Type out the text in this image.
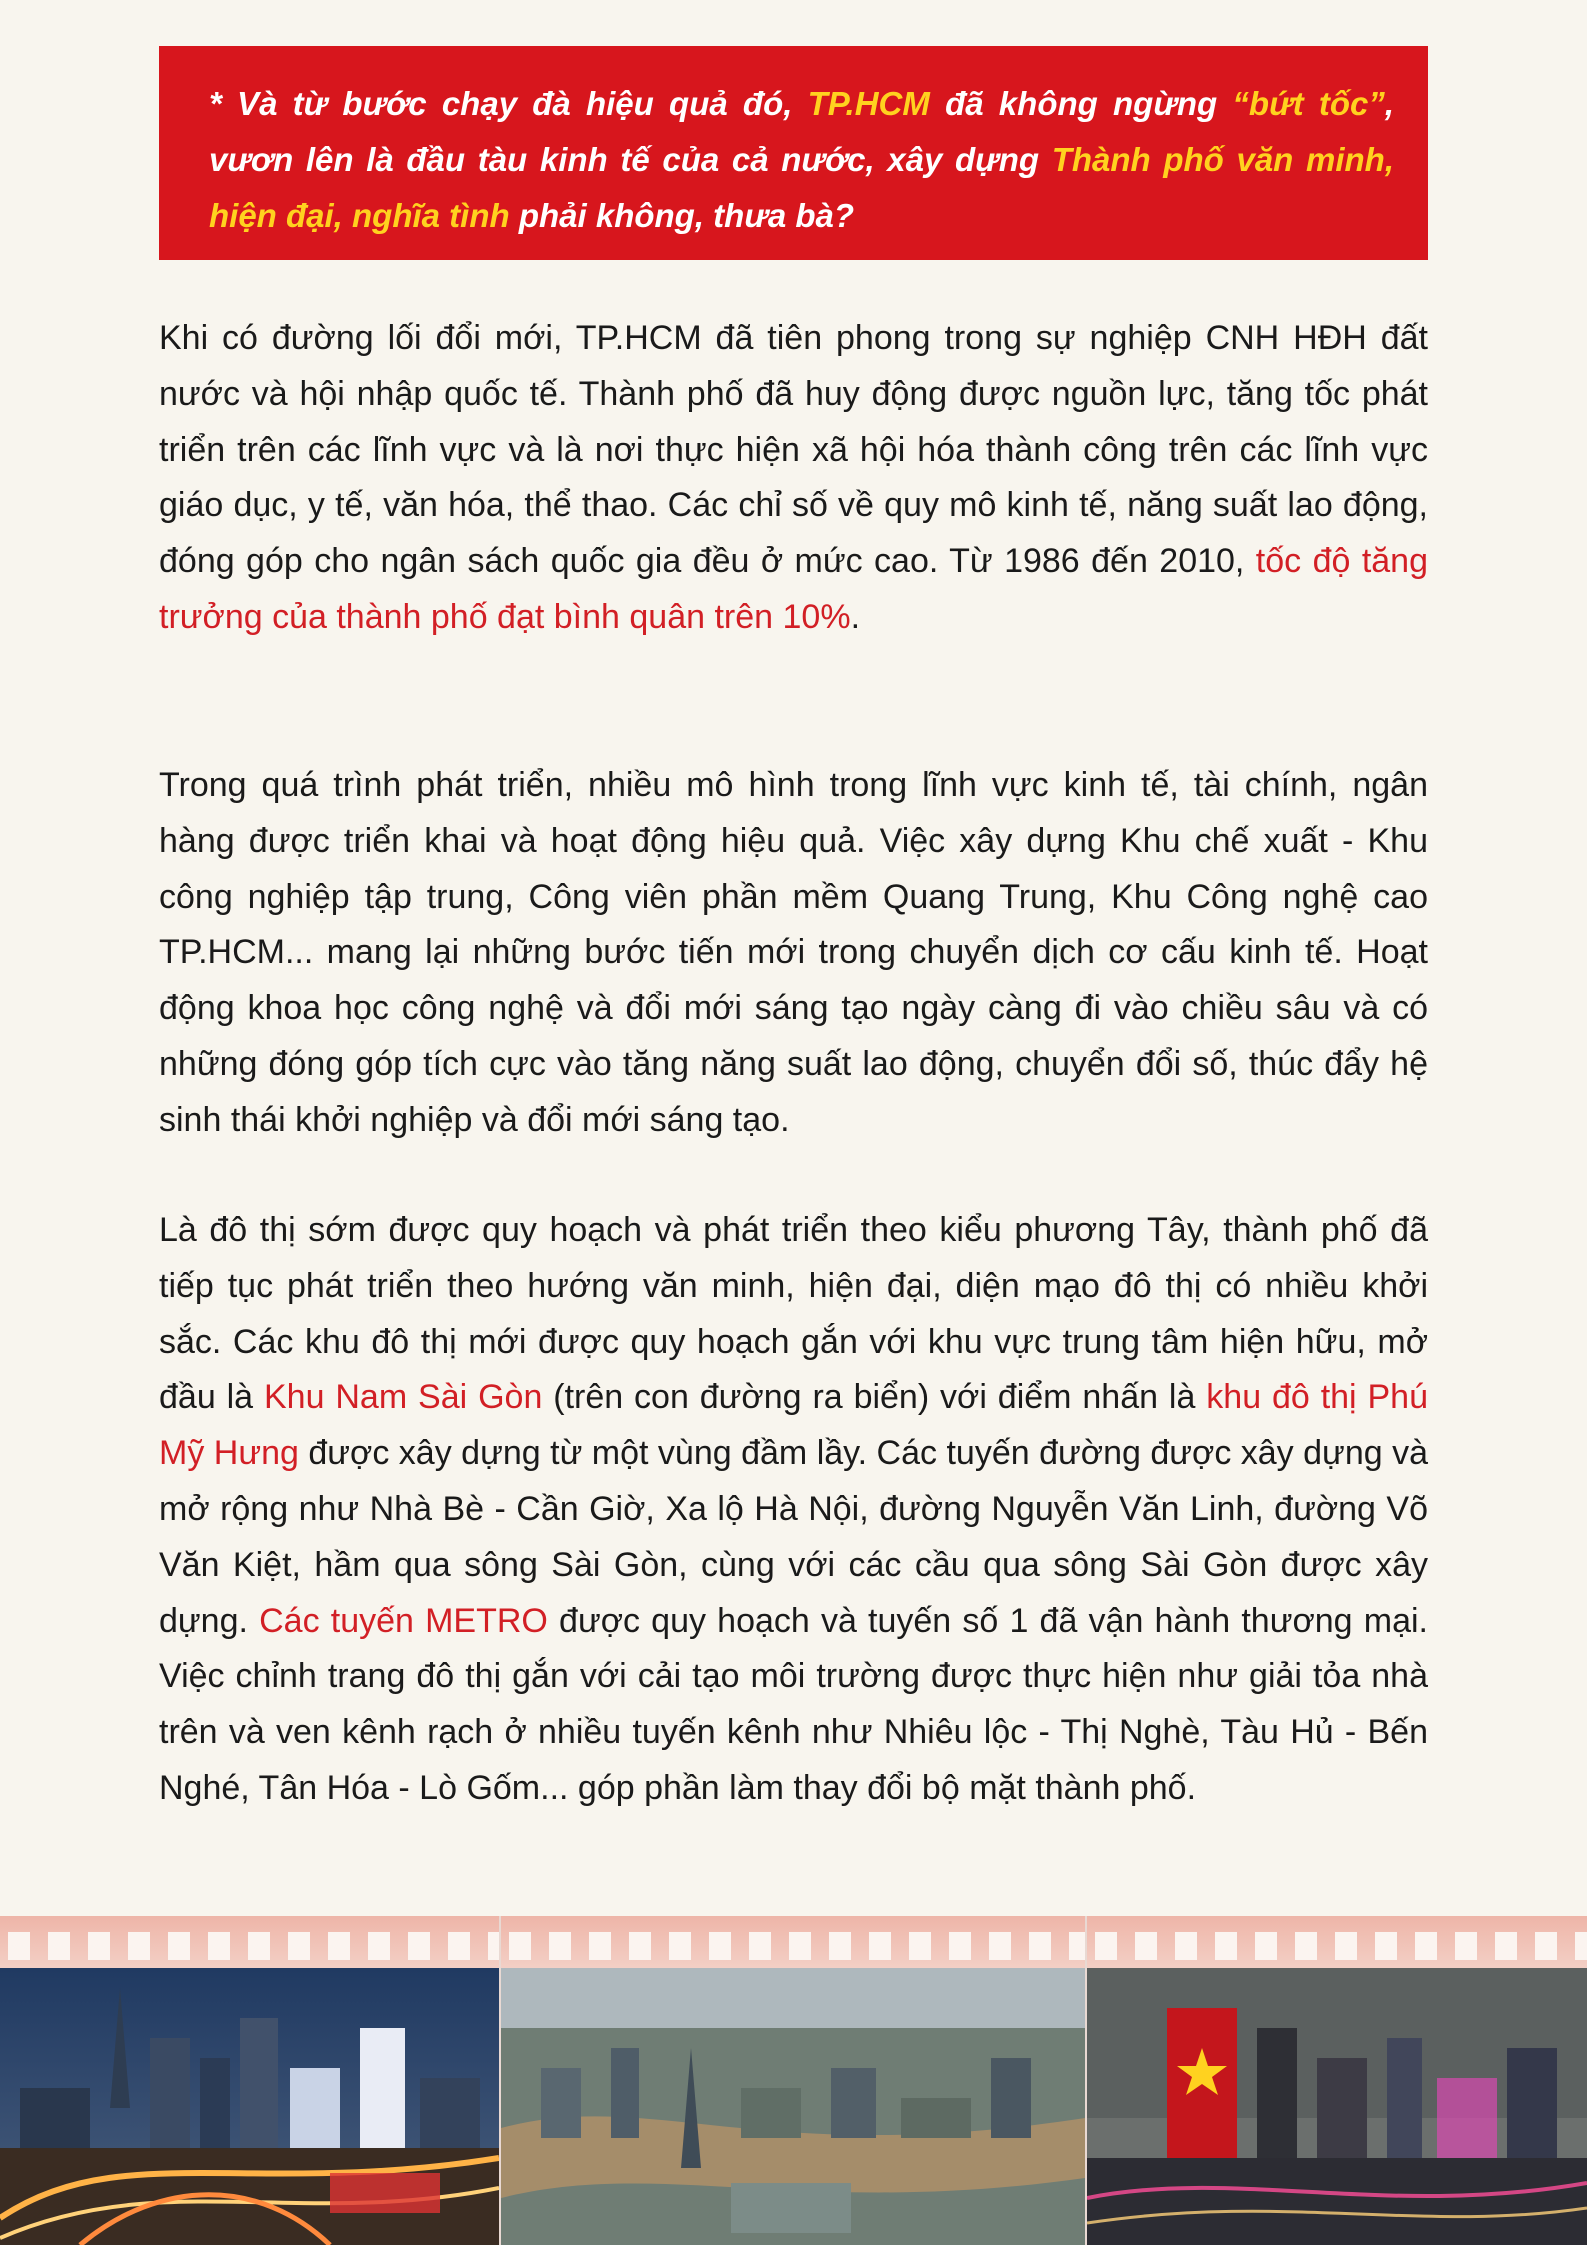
* Và từ bước chạy đà hiệu quả đó, TP.HCM đã không ngừng “bứt tốc”, vươn lên là đầu tàu kinh tế của cả nước, xây dựng Thành phố văn minh, hiện đại, nghĩa tình phải không, thưa bà?

Khi có đường lối đổi mới, TP.HCM đã tiên phong trong sự nghiệp CNH HĐH đất nước và hội nhập quốc tế. Thành phố đã huy động được nguồn lực, tăng tốc phát triển trên các lĩnh vực và là nơi thực hiện xã hội hóa thành công trên các lĩnh vực giáo dục, y tế, văn hóa, thể thao. Các chỉ số về quy mô kinh tế, năng suất lao động, đóng góp cho ngân sách quốc gia đều ở mức cao. Từ 1986 đến 2010, tốc độ tăng trưởng của thành phố đạt bình quân trên 10%.

Trong quá trình phát triển, nhiều mô hình trong lĩnh vực kinh tế, tài chính, ngân hàng được triển khai và hoạt động hiệu quả. Việc xây dựng Khu chế xuất - Khu công nghiệp tập trung, Công viên phần mềm Quang Trung, Khu Công nghệ cao TP.HCM... mang lại những bước tiến mới trong chuyển dịch cơ cấu kinh tế. Hoạt động khoa học công nghệ và đổi mới sáng tạo ngày càng đi vào chiều sâu và có những đóng góp tích cực vào tăng năng suất lao động, chuyển đổi số, thúc đẩy hệ sinh thái khởi nghiệp và đổi mới sáng tạo.

Là đô thị sớm được quy hoạch và phát triển theo kiểu phương Tây, thành phố đã tiếp tục phát triển theo hướng văn minh, hiện đại, diện mạo đô thị có nhiều khởi sắc. Các khu đô thị mới được quy hoạch gắn với khu vực trung tâm hiện hữu, mở đầu là Khu Nam Sài Gòn (trên con đường ra biển) với điểm nhấn là khu đô thị Phú Mỹ Hưng được xây dựng từ một vùng đầm lầy. Các tuyến đường được xây dựng và mở rộng như Nhà Bè - Cần Giờ, Xa lộ Hà Nội, đường Nguyễn Văn Linh, đường Võ Văn Kiệt, hầm qua sông Sài Gòn, cùng với các cầu qua sông Sài Gòn được xây dựng. Các tuyến METRO được quy hoạch và tuyến số 1 đã vận hành thương mại. Việc chỉnh trang đô thị gắn với cải tạo môi trường được thực hiện như giải tỏa nhà trên và ven kênh rạch ở nhiều tuyến kênh như Nhiêu lộc - Thị Nghè, Tàu Hủ - Bến Nghé, Tân Hóa - Lò Gốm... góp phần làm thay đổi bộ mặt thành phố.
